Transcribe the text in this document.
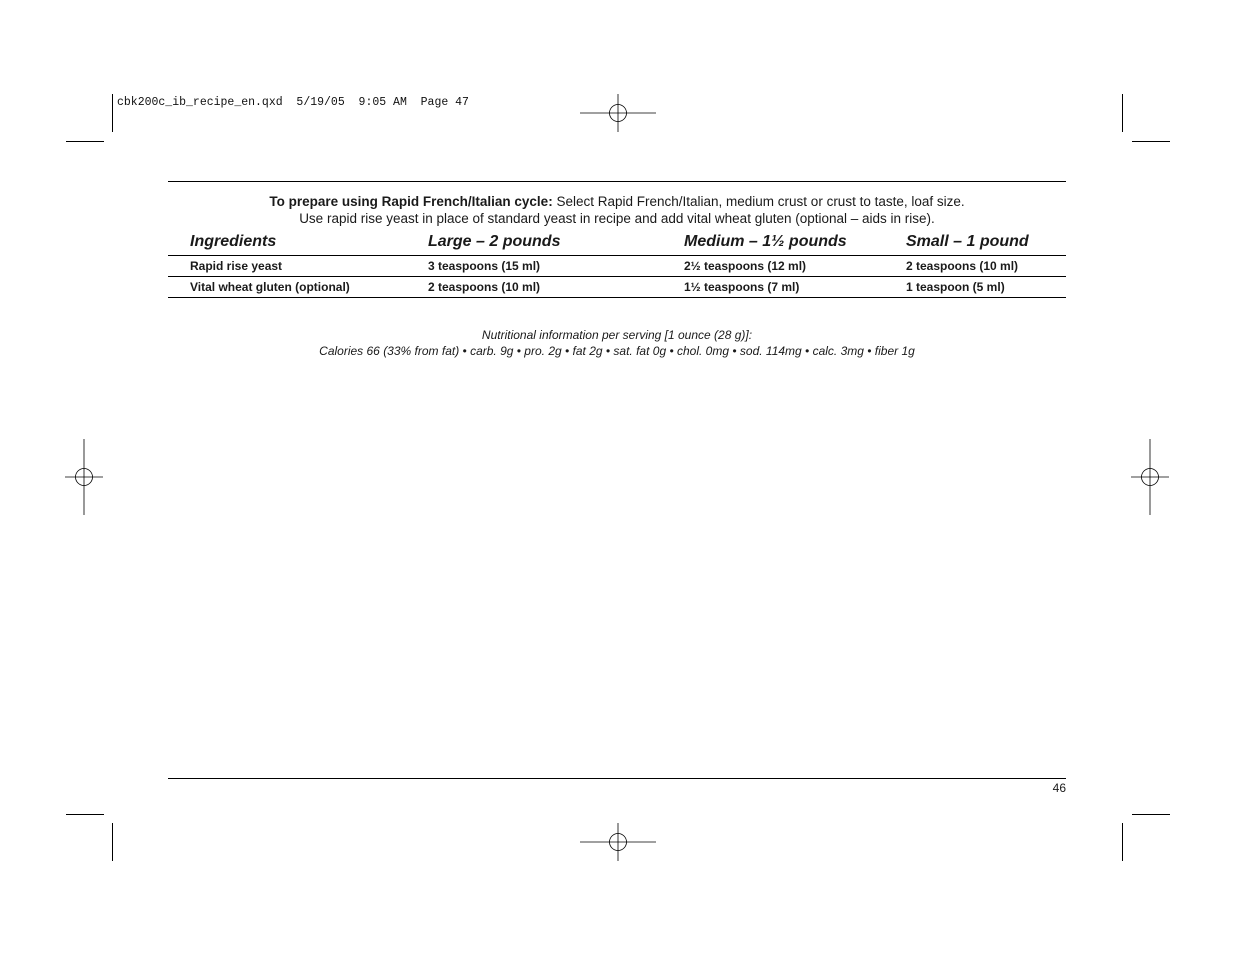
cbk200c_ib_recipe_en.qxd  5/19/05  9:05 AM  Page 47
To prepare using Rapid French/Italian cycle: Select Rapid French/Italian, medium crust or crust to taste, loaf size.
Use rapid rise yeast in place of standard yeast in recipe and add vital wheat gluten (optional – aids in rise).
Ingredients	Large – 2 pounds	Medium – 1½ pounds	Small – 1 pound
Rapid rise yeast	3 teaspoons (15 ml)	2½ teaspoons (12 ml)	2 teaspoons (10 ml)
Vital wheat gluten (optional)	2 teaspoons (10 ml)	1½ teaspoons (7 ml)	1 teaspoon (5 ml)
Nutritional information per serving [1 ounce (28 g)]:
Calories 66 (33% from fat) • carb. 9g • pro. 2g • fat 2g • sat. fat 0g • chol. 0mg • sod. 114mg • calc. 3mg • fiber 1g
46
